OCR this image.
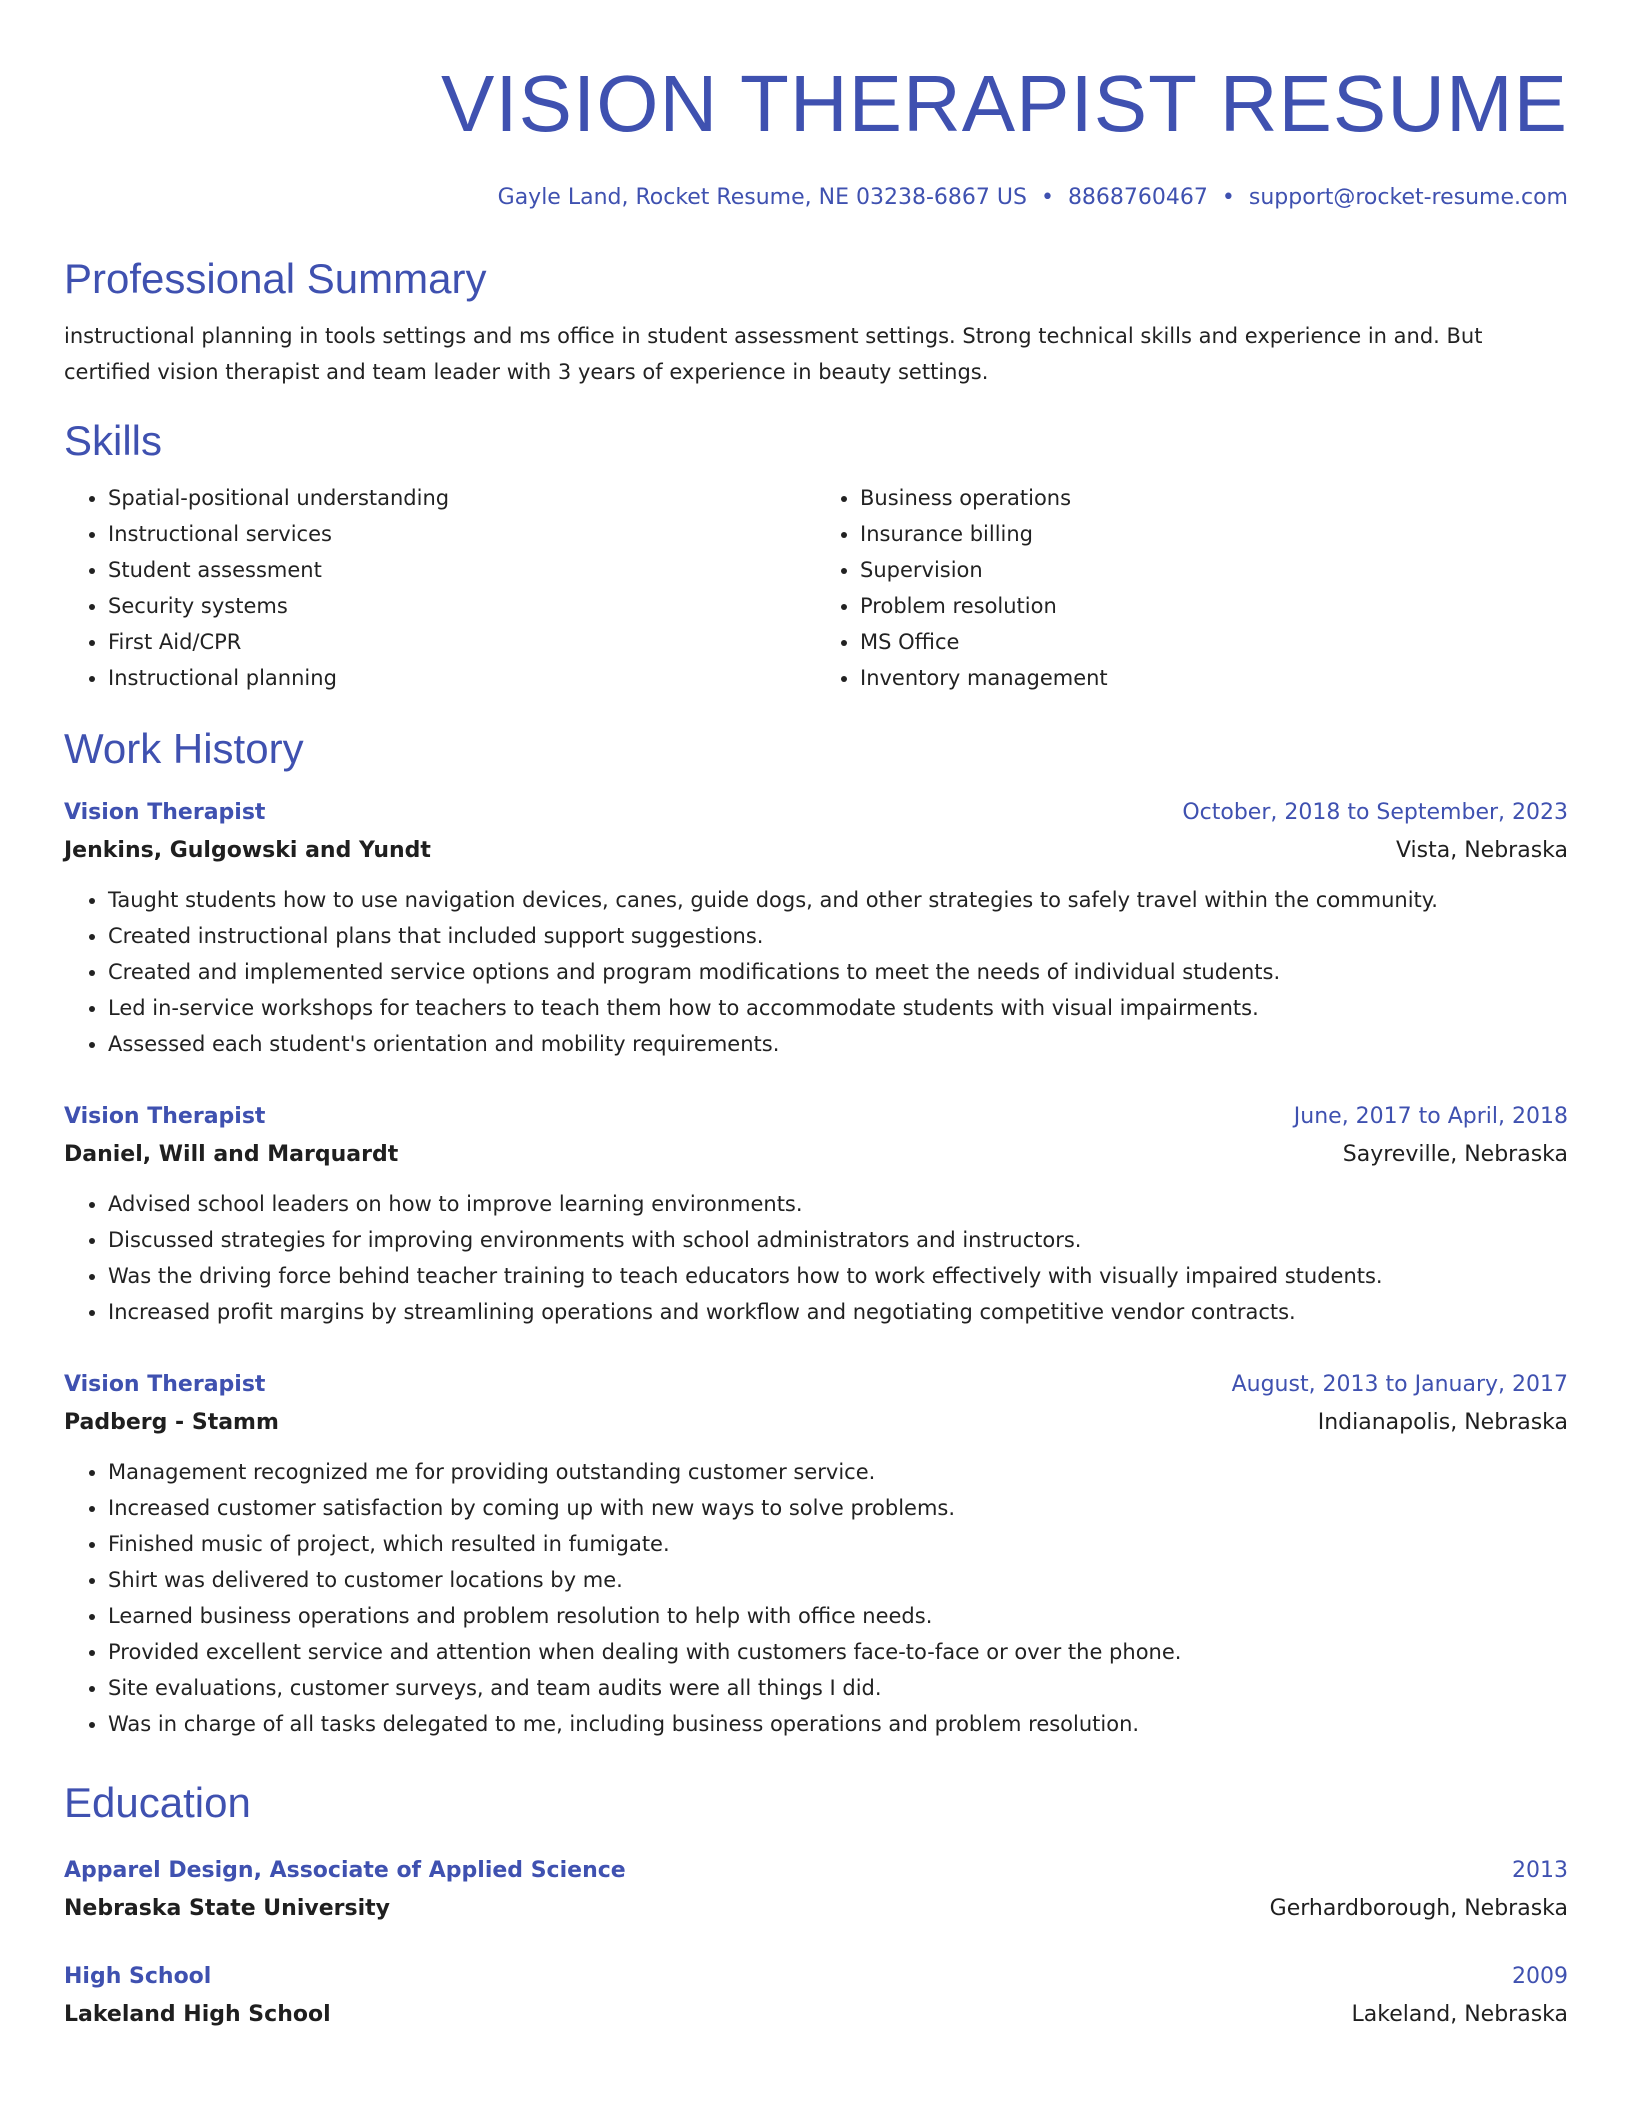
VISION THERAPIST RESUME
Gayle Land, Rocket Resume, NE 03238-6867 US • 8868760467 • support@rocket-resume.com
Professional Summary
instructional planning in tools settings and ms office in student assessment settings. Strong technical skills and experience in and. But certified vision therapist and team leader with 3 years of experience in beauty settings.
Skills
• Spatial-positional understanding
• Instructional services
• Student assessment
• Security systems
• First Aid/CPR
• Instructional planning
• Business operations
• Insurance billing
• Supervision
• Problem resolution
• MS Office
• Inventory management
Work History
Vision Therapist	October, 2018 to September, 2023
Jenkins, Gulgowski and Yundt	Vista, Nebraska
• Taught students how to use navigation devices, canes, guide dogs, and other strategies to safely travel within the community.
• Created instructional plans that included support suggestions.
• Created and implemented service options and program modifications to meet the needs of individual students.
• Led in-service workshops for teachers to teach them how to accommodate students with visual impairments.
• Assessed each student's orientation and mobility requirements.
Vision Therapist	June, 2017 to April, 2018
Daniel, Will and Marquardt	Sayreville, Nebraska
• Advised school leaders on how to improve learning environments.
• Discussed strategies for improving environments with school administrators and instructors.
• Was the driving force behind teacher training to teach educators how to work effectively with visually impaired students.
• Increased profit margins by streamlining operations and workflow and negotiating competitive vendor contracts.
Vision Therapist	August, 2013 to January, 2017
Padberg - Stamm	Indianapolis, Nebraska
• Management recognized me for providing outstanding customer service.
• Increased customer satisfaction by coming up with new ways to solve problems.
• Finished music of project, which resulted in fumigate.
• Shirt was delivered to customer locations by me.
• Learned business operations and problem resolution to help with office needs.
• Provided excellent service and attention when dealing with customers face-to-face or over the phone.
• Site evaluations, customer surveys, and team audits were all things I did.
• Was in charge of all tasks delegated to me, including business operations and problem resolution.
Education
Apparel Design, Associate of Applied Science	2013
Nebraska State University	Gerhardborough, Nebraska
High School	2009
Lakeland High School	Lakeland, Nebraska
